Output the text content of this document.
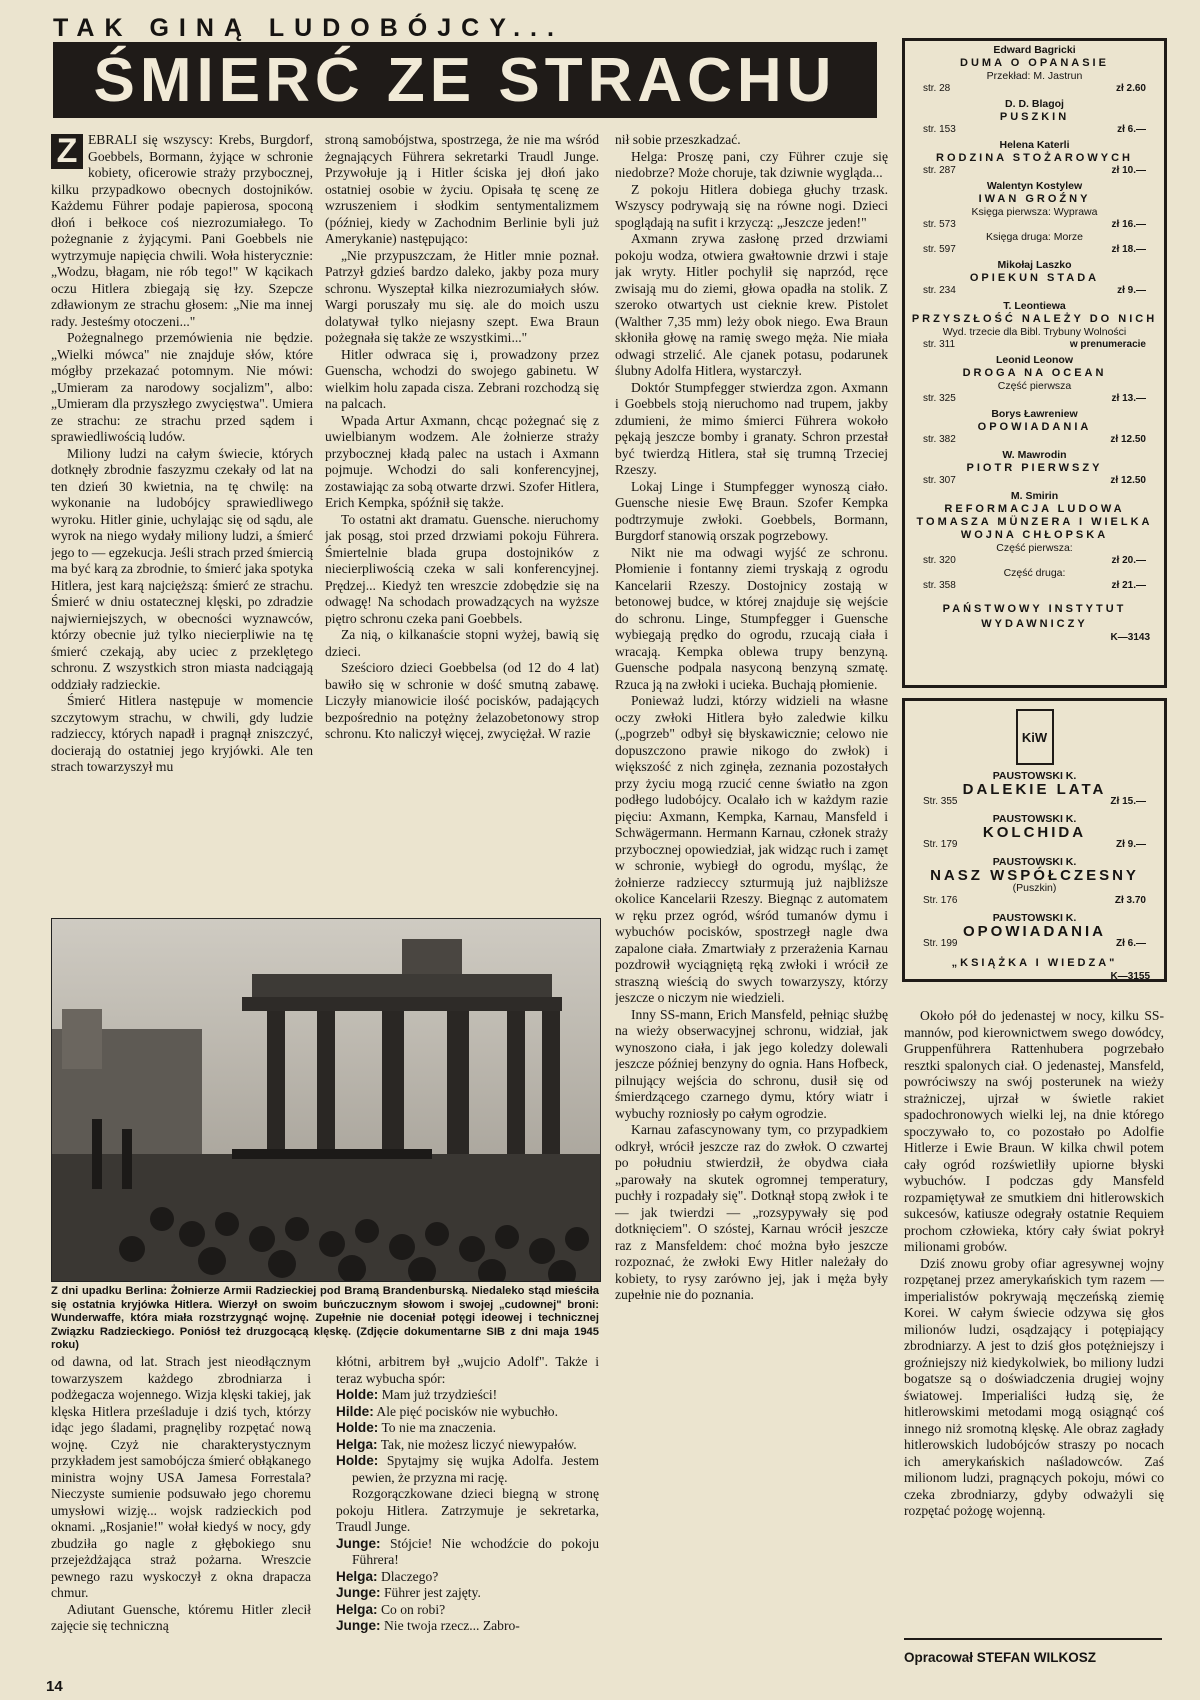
TAK GINĄ LUDOBÓJCY...
ŚMIERĆ ZE STRACHU

Z EBRALI się wszyscy: Krebs, Burgdorf, Goebbels, Bormann, żyjące w schronie kobiety, oficerowie straży przybocznej, kilku przypadkowo obecnych dostojników. Każdemu Führer podaje papierosa, spoconą dłoń i bełkoce coś niezrozumiałego. To pożegnanie z żyjącymi. Pani Goebbels nie wytrzymuje napięcia chwili. Woła histerycznie: „Wodzu, błagam, nie rób tego!" W kącikach oczu Hitlera zbiegają się łzy. Szepcze zdławionym ze strachu głosem: „Nie ma innej rady. Jesteśmy otoczeni..."

Pożegnalnego przemówienia nie będzie. „Wielki mówca" nie znajduje słów, które mógłby przekazać potomnym. Nie mówi: „Umieram za narodowy socjalizm", albo: „Umieram dla przyszłego zwycięstwa". Umiera ze strachu: ze strachu przed sądem i sprawiedliwością ludów.

Miliony ludzi na całym świecie, których dotknęły zbrodnie faszyzmu czekały od lat na ten dzień 30 kwietnia, na tę chwilę: na wykonanie na ludobójcy sprawiedliwego wyroku. Hitler ginie, uchylając się od sądu, ale wyrok na niego wydały miliony ludzi, a śmierć jego to — egzekucja. Jeśli strach przed śmiercią ma być karą za zbrodnie, to śmierć jaka spotyka Hitlera, jest karą najcięższą: śmierć ze strachu. Śmierć w dniu ostatecznej klęski, po zdradzie najwierniejszych, w obecności wyznawców, którzy obecnie już tylko niecierpliwie na tę śmierć czekają, aby uciec z przeklętego schronu. Z wszystkich stron miasta nadciągają oddziały radzieckie.

Śmierć Hitlera następuje w momencie szczytowym strachu, w chwili, gdy ludzie radzieccy, których napadł i pragnął zniszczyć, docierają do ostatniej jego kryjówki. Ale ten strach towarzyszył mu

stroną samobójstwa, spostrzega, że nie ma wśród żegnających Führera sekretarki Traudl Junge. Przywołuje ją i Hitler ściska jej dłoń jako ostatniej osobie w życiu. Opisała tę scenę ze wzruszeniem i słodkim sentymentalizmem (później, kiedy w Zachodnim Berlinie byli już Amerykanie) następująco:

„Nie przypuszczam, że Hitler mnie poznał. Patrzył gdzieś bardzo daleko, jakby poza mury schronu. Wyszeptał kilka niezrozumiałych słów. Wargi poruszały mu się. ale do moich uszu dolatywał tylko niejasny szept. Ewa Braun pożegnała się także ze wszystkimi..."

Hitler odwraca się i, prowadzony przez Guenscha, wchodzi do swojego gabinetu. W wielkim holu zapada cisza. Zebrani rozchodzą się na palcach.

Wpada Artur Axmann, chcąc pożegnać się z uwielbianym wodzem. Ale żołnierze straży przybocznej kładą palec na ustach i Axmann pojmuje. Wchodzi do sali konferencyjnej, zostawiając za sobą otwarte drzwi. Szofer Hitlera, Erich Kempka, spóźnił się także.

To ostatni akt dramatu. Guensche. nieruchomy jak posąg, stoi przed drzwiami pokoju Führera. Śmiertelnie blada grupa dostojników z niecierpliwością czeka w sali konferencyjnej. Prędzej... Kiedyż ten wreszcie zdobędzie się na odwagę! Na schodach prowadzących na wyższe piętro schronu czeka pani Goebbels.

Za nią, o kilkanaście stopni wyżej, bawią się dzieci.

Sześcioro dzieci Goebbelsa (od 12 do 4 lat) bawiło się w schronie w dość smutną zabawę. Liczyły mianowicie ilość pocisków, padających bezpośrednio na potężny żelazobetonowy strop schronu. Kto naliczył więcej, zwyciężał. W razie

nił sobie przeszkadzać.

Helga: Proszę pani, czy Führer czuje się niedobrze? Może choruje, tak dziwnie wygląda...

Z pokoju Hitlera dobiega głuchy trzask. Wszyscy podrywają się na równe nogi. Dzieci spoglądają na sufit i krzyczą: „Jeszcze jeden!"

Axmann zrywa zasłonę przed drzwiami pokoju wodza, otwiera gwałtownie drzwi i staje jak wryty. Hitler pochylił się naprzód, ręce zwisają mu do ziemi, głowa opadła na stolik. Z szeroko otwartych ust cieknie krew. Pistolet (Walther 7,35 mm) leży obok niego. Ewa Braun skłoniła głowę na ramię swego męża. Nie miała odwagi strzelić. Ale cjanek potasu, podarunek ślubny Adolfa Hitlera, wystarczył.

Doktór Stumpfegger stwierdza zgon. Axmann i Goebbels stoją nieruchomo nad trupem, jakby zdumieni, że mimo śmierci Führera wokoło pękają jeszcze bomby i granaty. Schron przestał być twierdzą Hitlera, stał się trumną Trzeciej Rzeszy.

Lokaj Linge i Stumpfegger wynoszą ciało. Guensche niesie Ewę Braun. Szofer Kempka podtrzymuje zwłoki. Goebbels, Bormann, Burgdorf stanowią orszak pogrzebowy.

Nikt nie ma odwagi wyjść ze schronu. Płomienie i fontanny ziemi tryskają z ogrodu Kancelarii Rzeszy. Dostojnicy zostają w betonowej budce, w której znajduje się wejście do schronu. Linge, Stumpfegger i Guensche wybiegają prędko do ogrodu, rzucają ciała i wracają. Kempka oblewa trupy benzyną. Guensche podpala nasyconą benzyną szmatę. Rzuca ją na zwłoki i ucieka. Buchają płomienie.

Ponieważ ludzi, którzy widzieli na własne oczy zwłoki Hitlera było zaledwie kilku („pogrzeb" odbył się błyskawicznie; celowo nie dopuszczono prawie nikogo do zwłok) i większość z nich zginęła, zeznania pozostałych przy życiu mogą rzucić cenne światło na zgon podłego ludobójcy. Ocalało ich w każdym razie pięciu: Axmann, Kempka, Karnau, Mansfeld i Schwägermann. Hermann Karnau, członek straży przybocznej opowiedział, jak widząc ruch i zamęt w schronie, wybiegł do ogrodu, myśląc, że żołnierze radzieccy szturmują już najbliższe okolice Kancelarii Rzeszy. Biegnąc z automatem w ręku przez ogród, wśród tumanów dymu i wybuchów pocisków, spostrzegł nagle dwa zapalone ciała. Zmartwiały z przerażenia Karnau pozdrowił wyciągniętą ręką zwłoki i wrócił ze straszną wieścią do swych towarzyszy, którzy jeszcze o niczym nie wiedzieli.

Inny SS-mann, Erich Mansfeld, pełniąc służbę na wieży obserwacyjnej schronu, widział, jak wynoszono ciała, i jak jego koledzy dolewali jeszcze później benzyny do ognia. Hans Hofbeck, pilnujący wejścia do schronu, dusił się od śmierdzącego czarnego dymu, który wiatr i wybuchy rozniosły po całym ogrodzie.

Karnau zafascynowany tym, co przypadkiem odkrył, wrócił jeszcze raz do zwłok. O czwartej po południu stwierdził, że obydwa ciała „parowały na skutek ogromnej temperatury, puchły i rozpadały się". Dotknął stopą zwłok i te — jak twierdzi — „rozsypywały się pod dotknięciem". O szóstej, Karnau wrócił jeszcze raz z Mansfeldem: choć można było jeszcze rozpoznać, że zwłoki Ewy Hitler należały do kobiety, to rysy zarówno jej, jak i męża były zupełnie nie do poznania.

Z dni upadku Berlina: Żołnierze Armii Radzieckiej pod Bramą Brandenburską. Niedaleko stąd mieściła się ostatnia kryjówka Hitlera. Wierzył on swoim buńczucznym słowom i swojej „cudownej" broni: Wunderwaffe, która miała rozstrzygnąć wojnę. Zupełnie nie doceniał potęgi ideowej i technicznej Związku Radzieckiego. Poniósł też druzgocącą klęskę. (Zdjęcie dokumentarne SIB z dni maja 1945 roku)

od dawna, od lat. Strach jest nieodłącznym towarzyszem każdego zbrodniarza i podżegacza wojennego. Wizja klęski takiej, jak klęska Hitlera prześladuje i dziś tych, którzy idąc jego śladami, pragnęliby rozpętać nową wojnę. Czyż nie charakterystycznym przykładem jest samobójcza śmierć obłąkanego ministra wojny USA Jamesa Forrestala? Nieczyste sumienie podsuwało jego choremu umysłowi wizję... wojsk radzieckich pod oknami. „Rosjanie!" wołał kiedyś w nocy, gdy zbudziła go nagle z głębokiego snu przejeżdżająca straż pożarna. Wreszcie pewnego razu wyskoczył z okna drapacza chmur.

Adiutant Guensche, któremu Hitler zlecił zajęcie się techniczną

kłótni, arbitrem był „wujcio Adolf". Także i teraz wybucha spór:

Holde: Mam już trzydzieści!

Hilde: Ale pięć pocisków nie wybuchło.

Holde: To nie ma znaczenia.

Helga: Tak, nie możesz liczyć niewypałów.

Holde: Spytajmy się wujka Adolfa. Jestem pewien, że przyzna mi rację.

Rozgorączkowane dzieci biegną w stronę pokoju Hitlera. Zatrzymuje je sekretarka, Traudl Junge.

Junge: Stójcie! Nie wchodźcie do pokoju Führera!

Helga: Dlaczego?

Junge: Führer jest zajęty.

Helga: Co on robi?

Junge: Nie twoja rzecz... Zabro-

Edward Bagricki
DUMA O OPANASIE
Przekład: M. Jastrun
str. 28	zł 2.60
D. D. Blagoj
PUSZKIN
str. 153	zł 6.—
Helena Katerli
RODZINA STOŻAROWYCH
str. 287	zł 10.—
Walentyn Kostylew
IWAN GROŹNY
Księga pierwsza: Wyprawa
str. 573	zł 16.—
Księga druga: Morze
str. 597	zł 18.—
Mikołaj Laszko
OPIEKUN STADA
str. 234	zł 9.—
T. Leontiewa
PRZYSZŁOŚĆ NALEŻY DO NICH
Wyd. trzecie dla Bibl. Trybuny Wolności
str. 311	w prenumeracie
Leonid Leonow
DROGA NA OCEAN
Część pierwsza
str. 325	zł 13.—
Borys Ławreniew
OPOWIADANIA
str. 382	zł 12.50
W. Mawrodin
PIOTR PIERWSZY
str. 307	zł 12.50
M. Smirin
REFORMACJA LUDOWA TOMASZA MÜNZERA I WIELKA WOJNA CHŁOPSKA
Część pierwsza:
str. 320	zł 20.—
Część druga:
str. 358	zł 21.—
PAŃSTWOWY INSTYTUT WYDAWNICZY
K—3143
KiW
PAUSTOWSKI K.
DALEKIE LATA
Str. 355	Zł 15.—
PAUSTOWSKI K.
KOLCHIDA
Str. 179	Zł 9.—
PAUSTOWSKI K.
NASZ WSPÓŁCZESNY
(Puszkin)
Str. 176	Zł 3.70
PAUSTOWSKI K.
OPOWIADANIA
Str. 199	Zł 6.—
„KSIĄŻKA I WIEDZA"
K—3155

Około pół do jedenastej w nocy, kilku SS-mannów, pod kierownictwem swego dowódcy, Gruppenführera Rattenhubera pogrzebało resztki spalonych ciał. O jedenastej, Mansfeld, powróciwszy na swój posterunek na wieży strażniczej, ujrzał w świetle rakiet spadochronowych wielki lej, na dnie którego spoczywało to, co pozostało po Adolfie Hitlerze i Ewie Braun. W kilka chwil potem cały ogród rozświetliły upiorne błyski wybuchów. I podczas gdy Mansfeld rozpamiętywał ze smutkiem dni hitlerowskich sukcesów, katiusze odegrały ostatnie Requiem prochom człowieka, który cały świat pokrył milionami grobów.

Dziś znowu groby ofiar agresywnej wojny rozpętanej przez amerykańskich tym razem — imperialistów pokrywają męczeńską ziemię Korei. W całym świecie odzywa się głos milionów ludzi, osądzający i potępiający zbrodniarzy. A jest to dziś głos potężniejszy i groźniejszy niż kiedykolwiek, bo miliony ludzi bogatsze są o doświadczenia drugiej wojny światowej. Imperialiści łudzą się, że hitlerowskimi metodami mogą osiągnąć coś innego niż sromotną klęskę. Ale obraz zagłady hitlerowskich ludobójców straszy po nocach ich amerykańskich naśladowców. Zaś milionom ludzi, pragnących pokoju, mówi co czeka zbrodniarzy, gdyby odważyli się rozpętać pożogę wojenną.

Opracował STEFAN WILKOSZ
14
